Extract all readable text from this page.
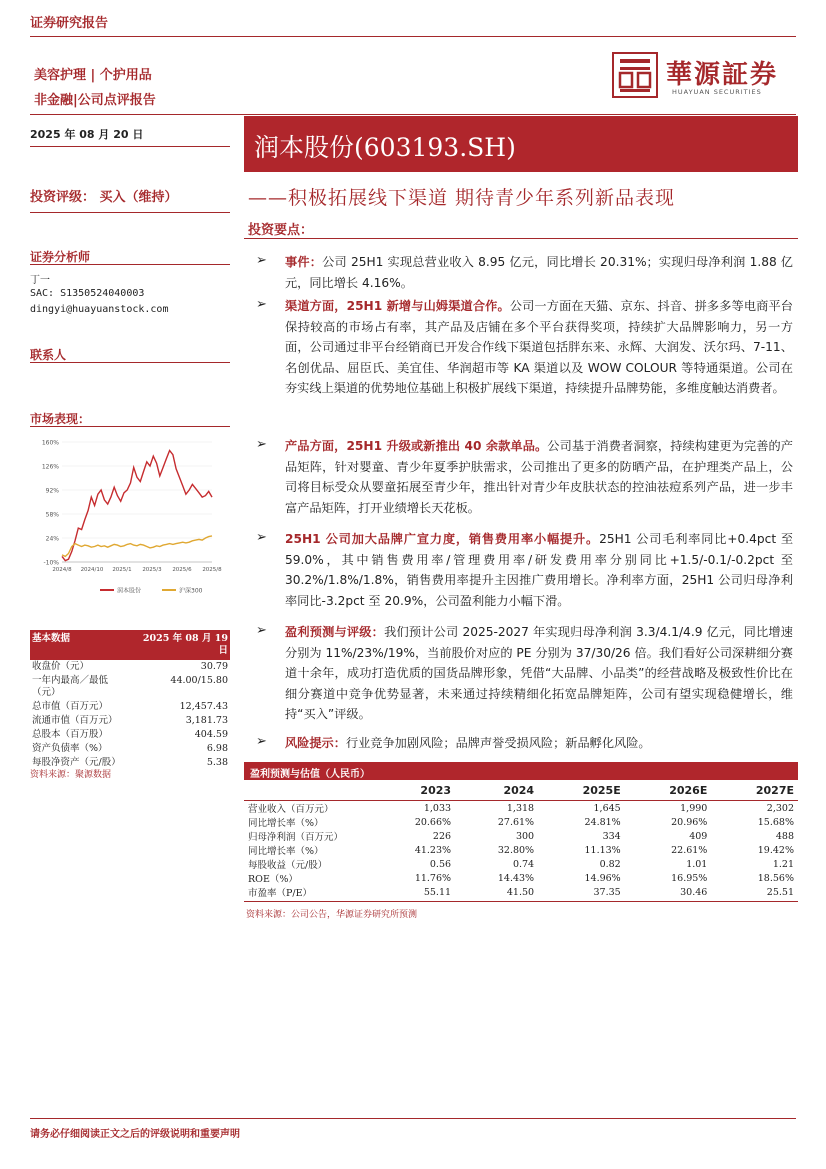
证券研究报告
美容护理 | 个护用品
非金融|公司点评报告
華源証券
HUAYUAN SECURITIES
2025 年 08 月 20 日	润本股份(603193.SH)
投资评级： 买入（维持）	——积极拓展线下渠道 期待青少年系列新品表现
投资要点：
证券分析师
丁一
SAC: S1350524040003
dingyi@huayuanstock.com
联系人
市场表现：
160%
126%
92%
58%
24%
-10%
2024/8 2024/10 2025/1 2025/3 2025/6 2025/8
润本股份	沪深300
基本数据	2025 年 08 月 19 日
收盘价（元）	30.79
一年内最高／最低（元）	44.00/15.80
总市值（百万元）	12,457.43
流通市值（百万元）	3,181.73
总股本（百万股）	404.59
资产负债率（%）	6.98
每股净资产（元/股）	5.38
资料来源：聚源数据
➢ 事件：公司 25H1 实现总营业收入 8.95 亿元，同比增长 20.31%；实现归母净利润 1.88 亿元，同比增长 4.16%。
➢ 渠道方面，25H1 新增与山姆渠道合作。公司一方面在天猫、京东、抖音、拼多多等电商平台保持较高的市场占有率，其产品及店铺在多个平台获得奖项，持续扩大品牌影响力，另一方面，公司通过非平台经销商已开发合作线下渠道包括胖东来、永辉、大润发、沃尔玛、7-11、名创优品、屈臣氏、美宜佳、华润超市等 KA 渠道以及 WOW COLOUR 等特通渠道。公司在夯实线上渠道的优势地位基础上积极扩展线下渠道，持续提升品牌势能，多维度触达消费者。
➢ 产品方面，25H1 升级或新推出 40 余款单品。公司基于消费者洞察，持续构建更为完善的产品矩阵，针对婴童、青少年夏季护肤需求，公司推出了更多的防晒产品，在护理类产品上，公司将目标受众从婴童拓展至青少年，推出针对青少年皮肤状态的控油祛痘系列产品，进一步丰富产品矩阵，打开业绩增长天花板。
➢ 25H1 公司加大品牌广宣力度，销售费用率小幅提升。25H1 公司毛利率同比+0.4pct 至 59.0%，其中销售费用率/管理费用率/研发费用率分别同比+1.5/-0.1/-0.2pct 至 30.2%/1.8%/1.8%，销售费用率提升主因推广费用增长。净利率方面，25H1 公司归母净利率同比-3.2pct 至 20.9%，公司盈利能力小幅下滑。
➢ 盈利预测与评级：我们预计公司 2025-2027 年实现归母净利润 3.3/4.1/4.9 亿元，同比增速分别为 11%/23%/19%，当前股价对应的 PE 分别为 37/30/26 倍。我们看好公司深耕细分赛道十余年，成功打造优质的国货品牌形象，凭借“大品牌、小品类”的经营战略及极致性价比在细分赛道中竞争优势显著，未来通过持续精细化拓宽品牌矩阵，公司有望实现稳健增长，维持“买入”评级。
➢ 风险提示：行业竞争加剧风险；品牌声誉受损风险；新品孵化风险。
盈利预测与估值（人民币）
	2023	2024	2025E	2026E	2027E
营业收入（百万元）	1,033	1,318	1,645	1,990	2,302
同比增长率（%）	20.66%	27.61%	24.81%	20.96%	15.68%
归母净利润（百万元）	226	300	334	409	488
同比增长率（%）	41.23%	32.80%	11.13%	22.61%	19.42%
每股收益（元/股）	0.56	0.74	0.82	1.01	1.21
ROE（%）	11.76%	14.43%	14.96%	16.95%	18.56%
市盈率（P/E）	55.11	41.50	37.35	30.46	25.51
资料来源：公司公告，华源证券研究所预测
请务必仔细阅读正文之后的评级说明和重要声明
